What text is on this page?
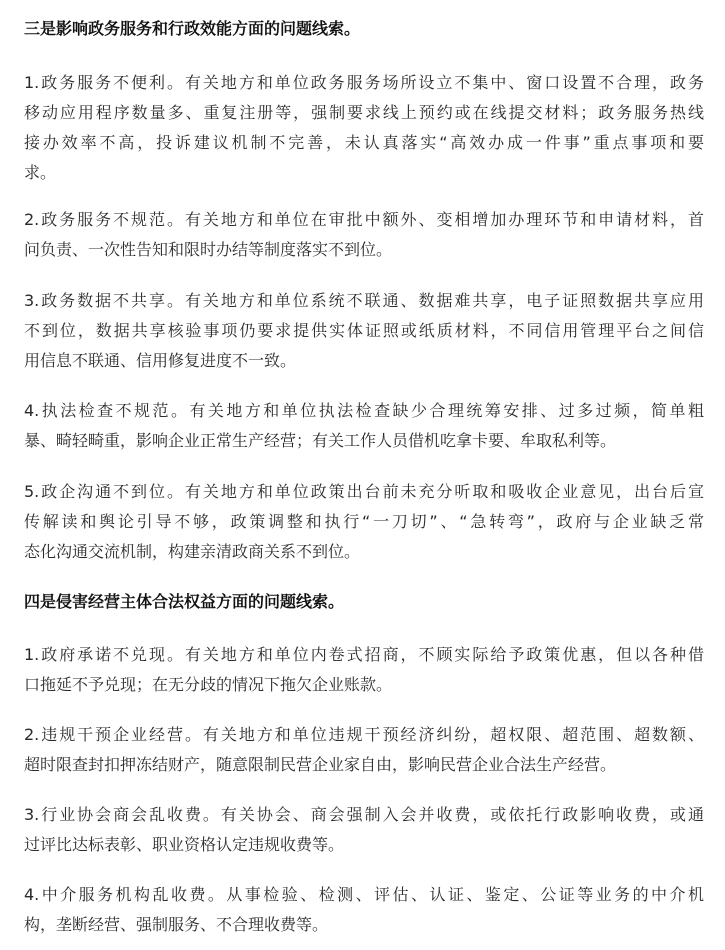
三是影响政务服务和行政效能方面的问题线索。
1.政务服务不便利。有关地方和单位政务服务场所设立不集中、窗口设置不合理，政务
移动应用程序数量多、重复注册等，强制要求线上预约或在线提交材料；政务服务热线
接办效率不高，投诉建议机制不完善，未认真落实“高效办成一件事”重点事项和要
求。
2.政务服务不规范。有关地方和单位在审批中额外、变相增加办理环节和申请材料，首
问负责、一次性告知和限时办结等制度落实不到位。
3.政务数据不共享。有关地方和单位系统不联通、数据难共享，电子证照数据共享应用
不到位，数据共享核验事项仍要求提供实体证照或纸质材料，不同信用管理平台之间信
用信息不联通、信用修复进度不一致。
4.执法检查不规范。有关地方和单位执法检查缺少合理统筹安排、过多过频，简单粗
暴、畸轻畸重，影响企业正常生产经营；有关工作人员借机吃拿卡要、牟取私利等。
5.政企沟通不到位。有关地方和单位政策出台前未充分听取和吸收企业意见，出台后宣
传解读和舆论引导不够，政策调整和执行“一刀切”、“急转弯”，政府与企业缺乏常
态化沟通交流机制，构建亲清政商关系不到位。
四是侵害经营主体合法权益方面的问题线索。
1.政府承诺不兑现。有关地方和单位内卷式招商，不顾实际给予政策优惠，但以各种借
口拖延不予兑现；在无分歧的情况下拖欠企业账款。
2.违规干预企业经营。有关地方和单位违规干预经济纠纷，超权限、超范围、超数额、
超时限查封扣押冻结财产，随意限制民营企业家自由，影响民营企业合法生产经营。
3.行业协会商会乱收费。有关协会、商会强制入会并收费，或依托行政影响收费，或通
过评比达标表彰、职业资格认定违规收费等。
4.中介服务机构乱收费。从事检验、检测、评估、认证、鉴定、公证等业务的中介机
构，垄断经营、强制服务、不合理收费等。
